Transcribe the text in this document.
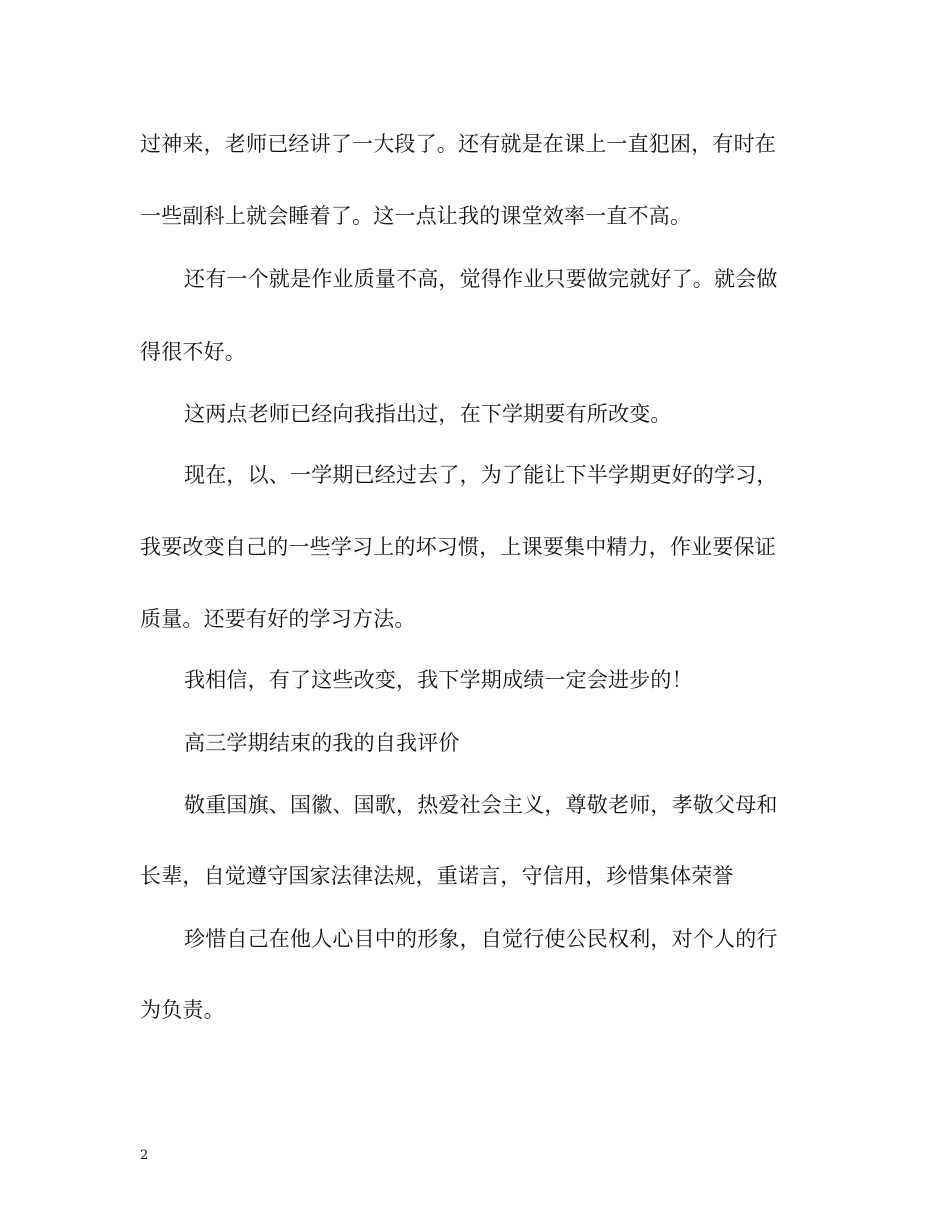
过神来，老师已经讲了一大段了。还有就是在课上一直犯困，有时在
一些副科上就会睡着了。这一点让我的课堂效率一直不高。
还有一个就是作业质量不高，觉得作业只要做完就好了。就会做
得很不好。
这两点老师已经向我指出过，在下学期要有所改变。
现在，以、一学期已经过去了，为了能让下半学期更好的学习，
我要改变自己的一些学习上的坏习惯，上课要集中精力，作业要保证
质量。还要有好的学习方法。
我相信，有了这些改变，我下学期成绩一定会进步的！
高三学期结束的我的自我评价
敬重国旗、国徽、国歌，热爱社会主义，尊敬老师，孝敬父母和
长辈，自觉遵守国家法律法规，重诺言，守信用，珍惜集体荣誉
珍惜自己在他人心目中的形象，自觉行使公民权利，对个人的行
为负责。
2
